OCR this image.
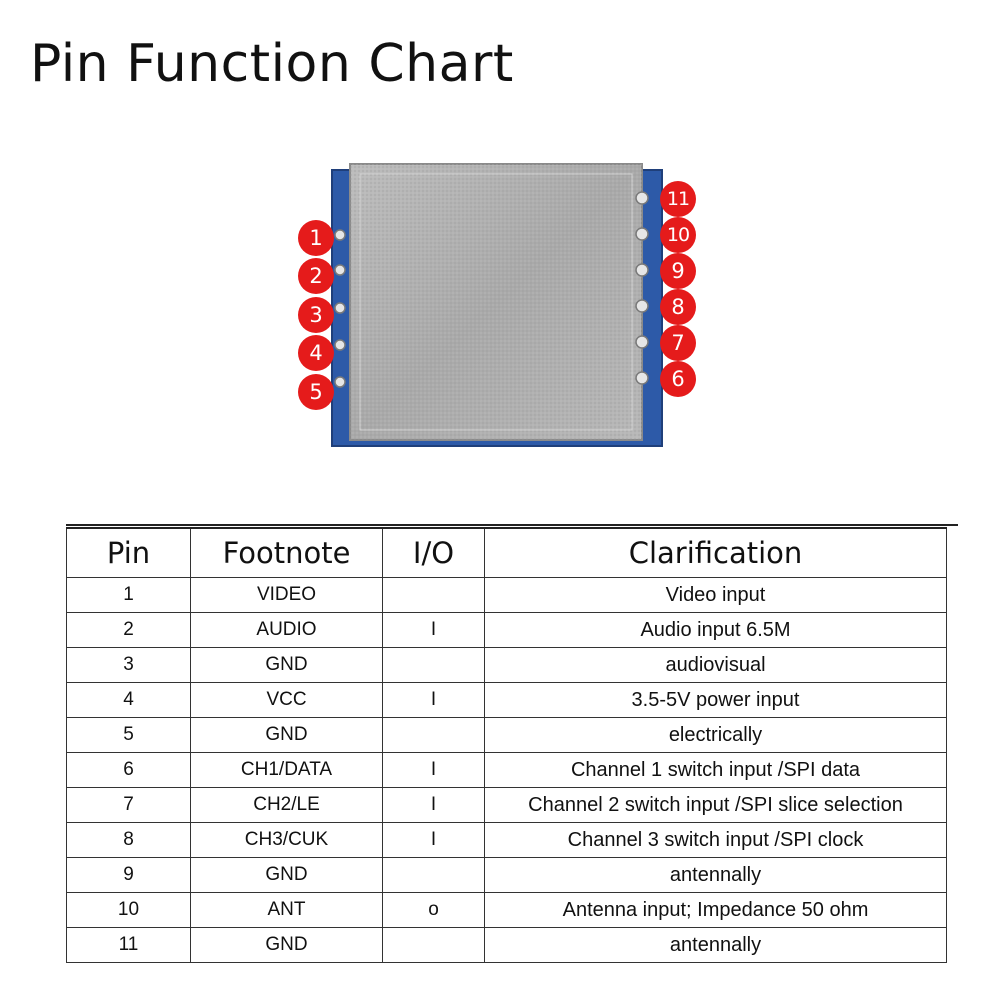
Pin Function Chart
1
2
3
4
5
11
10
9
8
7
6
Pin	Footnote	I/O	Clarification
1	VIDEO		Video input
2	AUDIO	I	Audio input 6.5M
3	GND		audiovisual
4	VCC	I	3.5-5V power input
5	GND		electrically
6	CH1/DATA	I	Channel 1 switch input /SPI data
7	CH2/LE	I	Channel 2 switch input /SPI slice selection
8	CH3/CUK	I	Channel 3 switch input /SPI clock
9	GND		antennally
10	ANT	o	Antenna input; Impedance 50 ohm
11	GND		antennally
